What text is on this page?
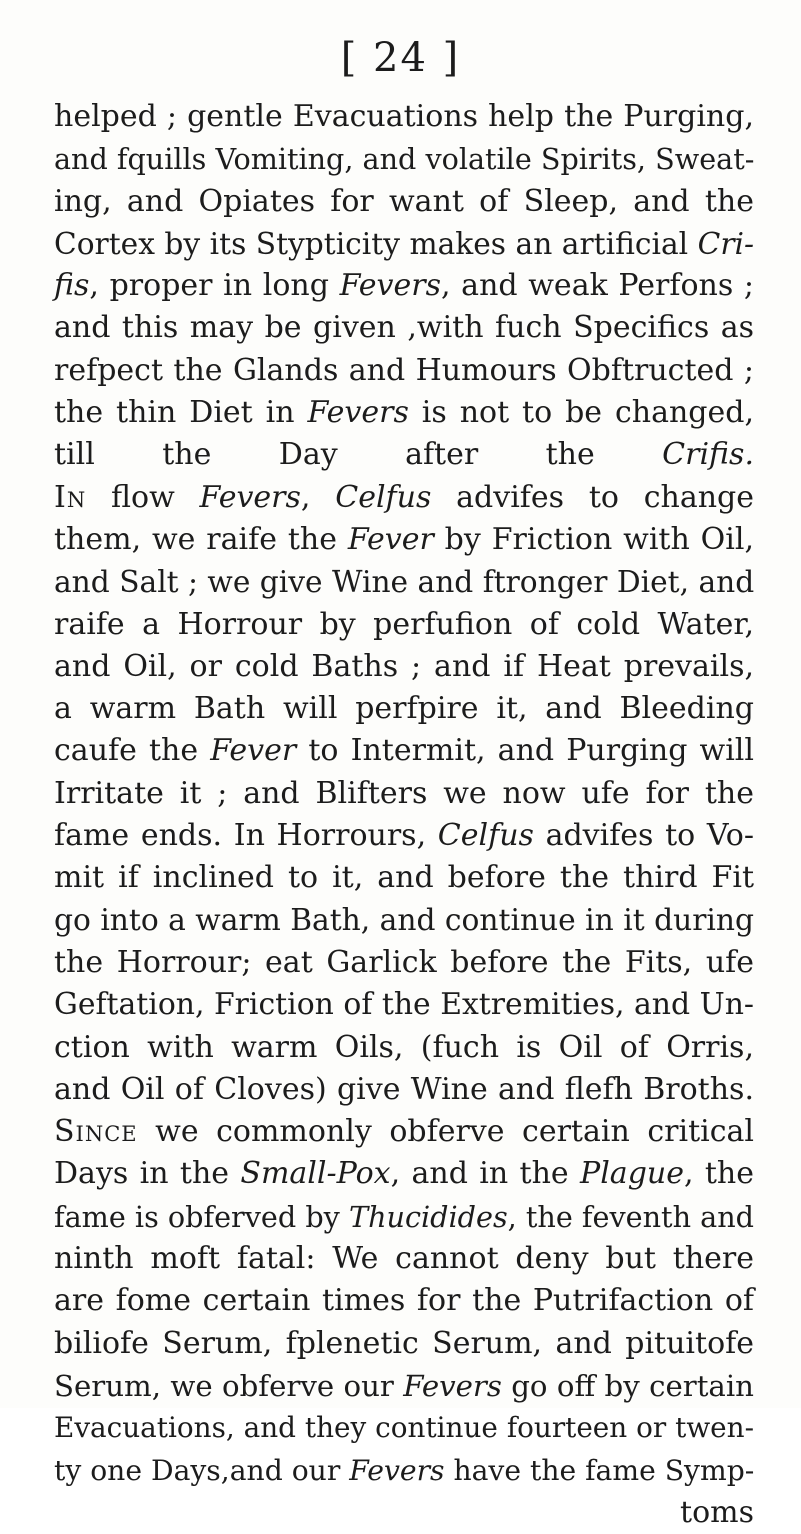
[ 24 ]
helped ; gentle Evacuations help the Purging,
and fquills Vomiting, and volatile Spirits, Sweat-
ing, and Opiates for want of Sleep, and the
Cortex by its Stypticity makes an artificial Cri-
fis, proper in long Fevers, and weak Perfons ;
and this may be given ,with fuch Specifics as
refpect the Glands and Humours Obftructed ;
the thin Diet in Fevers is not to be changed,
till the Day after the Crifis.
In flow Fevers, Celfus advifes to change
them, we raife the Fever by Friction with Oil,
and Salt ; we give Wine and ftronger Diet, and
raife a Horrour by perfufion of cold Water,
and Oil, or cold Baths ; and if Heat prevails,
a warm Bath will perfpire it, and Bleeding
caufe the Fever to Intermit, and Purging will
Irritate it ; and Blifters we now ufe for the
fame ends. In Horrours, Celfus advifes to Vo-
mit if inclined to it, and before the third Fit
go into a warm Bath, and continue in it during
the Horrour; eat Garlick before the Fits, ufe
Geftation, Friction of the Extremities, and Un-
ction with warm Oils, (fuch is Oil of Orris,
and Oil of Cloves) give Wine and flefh Broths.
Since we commonly obferve certain critical
Days in the Small-Pox, and in the Plague, the
fame is obferved by Thucidides, the feventh and
ninth moft fatal: We cannot deny but there
are fome certain times for the Putrifaction of
biliofe Serum, fplenetic Serum, and pituitofe
Serum, we obferve our Fevers go off by certain
Evacuations, and they continue fourteen or twen-
ty one Days,and our Fevers have the fame Symp-
toms
